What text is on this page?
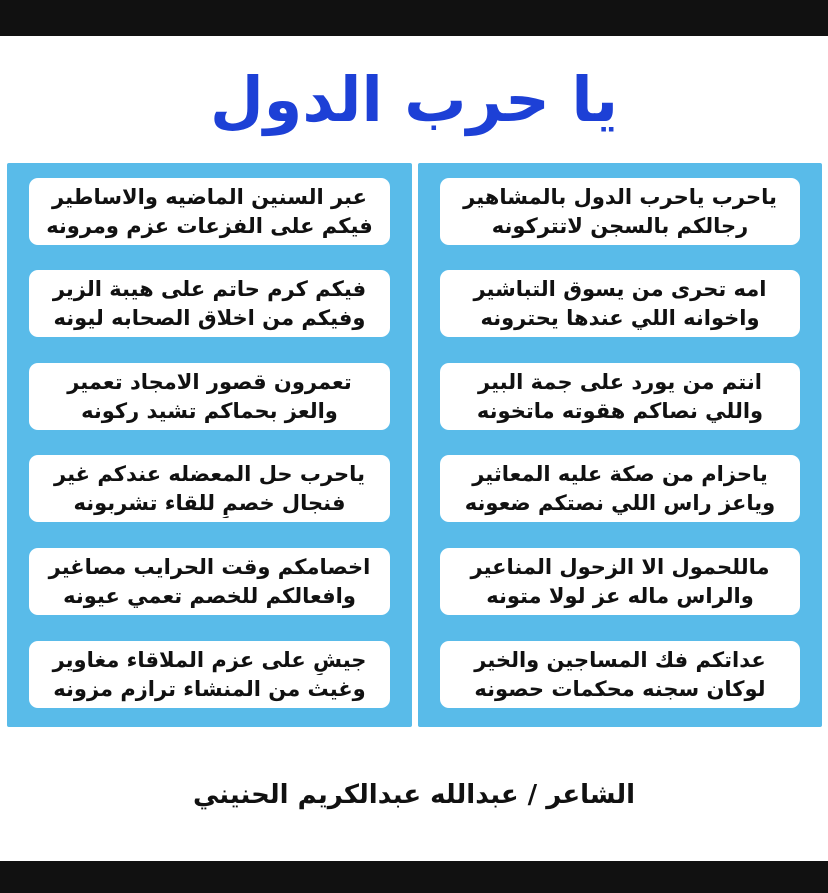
يا حرب الدول
ياحرب ياحرب الدول بالمشاهير
رجالكم بالسجن لاتتركونه
امه تحرى من يسوق التباشير
واخوانه اللي عندها يحترونه
انتم من يورد على جمة البير
واللي نصاكم هقوته ماتخونه
ياحزام من صكة عليه المعاثير
وياعز راس اللي نصتكم ضعونه
ماللحمول الا الزحول المناعير
والراس ماله عز لولا متونه
عداتكم فك المساجين والخير
لوكان سجنه محكمات حصونه
عبر السنين الماضيه والاساطير
فيكم على الفزعات عزم ومرونه
فيكم كرم حاتم على هيبة الزير
وفيكم من اخلاق الصحابه ليونه
تعمرون قصور الامجاد تعمير
والعز بحماكم تشيد ركونه
ياحرب حل المعضله عندكم غير
فنجال خصمٍ للقاء تشربونه
اخصامكم وقت الحرايب مصاغير
وافعالكم للخصم تعمي عيونه
جيشٍ على عزم الملاقاء مغاوير
وغيث من المنشاء ترازم مزونه
الشاعر / عبدالله عبدالكريم الحنيني
